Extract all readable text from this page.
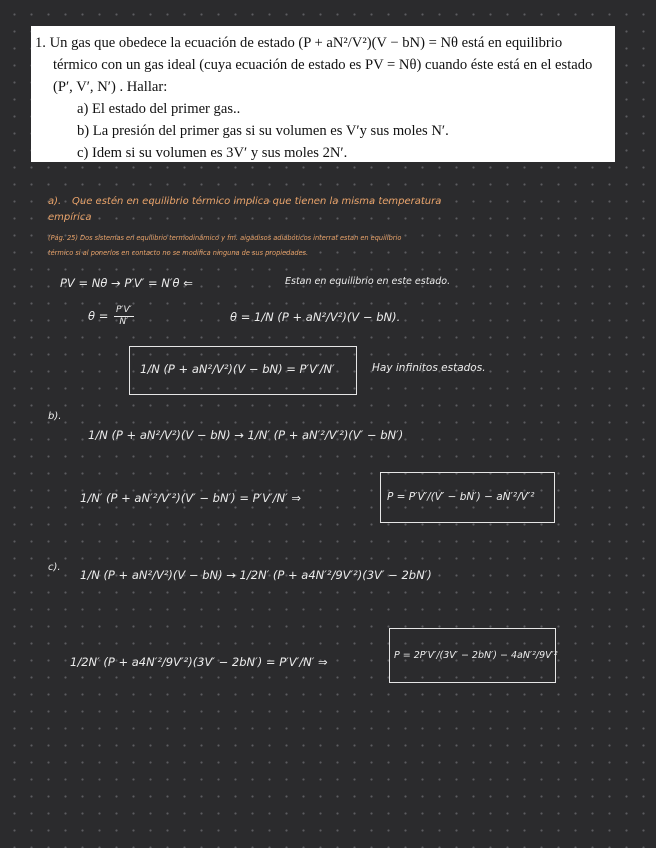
1. Un gas que obedece la ecuación de estado (P + aN²/V²)(V − bN) = Nθ está en equilibrio
térmico con un gas ideal (cuya ecuación de estado es PV = Nθ) cuando éste está en el estado
(P′, V′, N′) . Hallar:
a) El estado del primer gas..
b) La presión del primer gas si su volumen es V′y sus moles N′.
c) Idem si su volumen es 3V′ y sus moles 2N′.
a). Que estén en equilibrio térmico implica que tienen la misma temperatura
empírica
(Pág. 25) Dos sistemas en equilibrio termodinámico y fm. aigadisos adiabóticos interrat estan en equilibrio
térmico si al ponerlos en contacto no se modifica ninguna de sus propiedades.
PV = Nθ → P′V′ = N′θ ⇐	Estan en equilibrio en este estado.
$\theta = \frac{P'V'}{N'}$	θ = 1/N (P + aN²/V²)(V − bN).
1/N (P + aN²/V²)(V − bN) = P′V′/N′	Hay infinitos estados.
b).
1/N (P + aN²/V²)(V − bN) → 1/N′ (P + aN′²/V′²)(V′ − bN′)
1/N′ (P + aN′²/V′²)(V′ − bN′) = P′V′/N′ ⇒	P = P′V′/(V′ − bN′) − aN′²/V′²
c).
1/N (P + aN²/V²)(V − bN) → 1/2N′ (P + a4N′²/9V′²)(3V′ − 2bN′)
1/2N′ (P + a4N′²/9V′²)(3V′ − 2bN′) = P′V′/N′ ⇒	P = 2P′V′/(3V′ − 2bN′) − 4aN′²/9V′²
